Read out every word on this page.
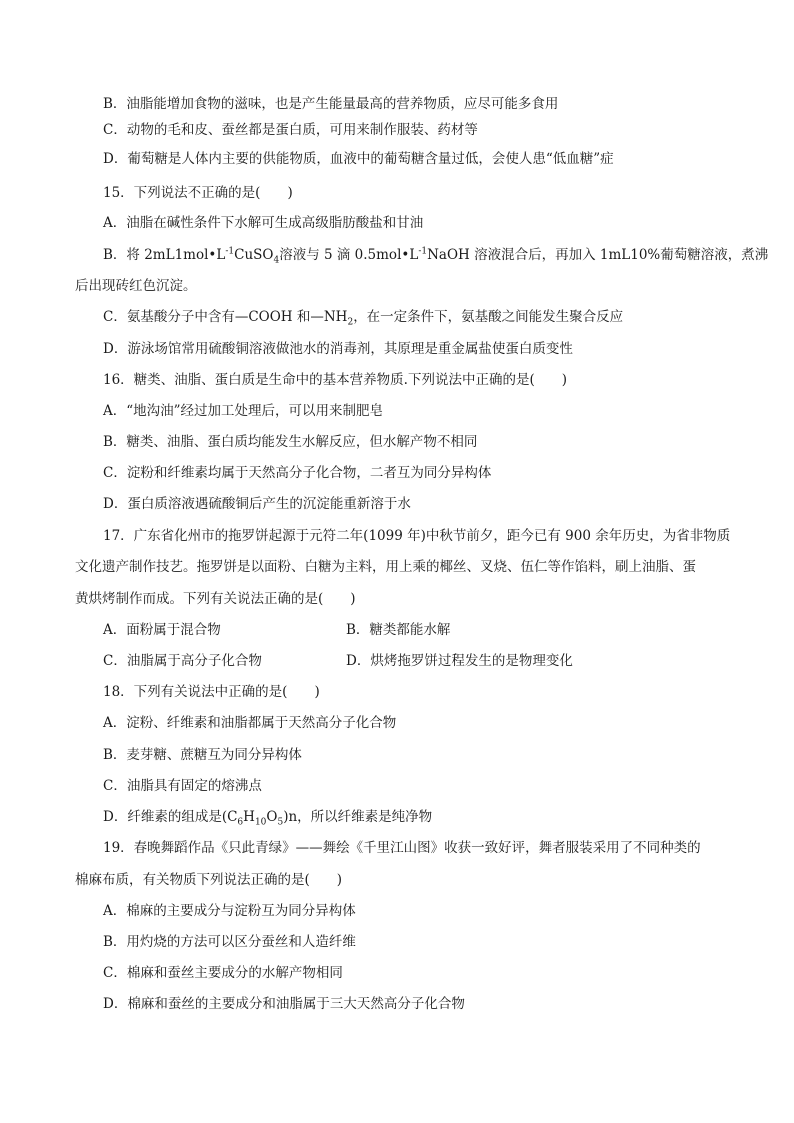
B．油脂能增加食物的滋味，也是产生能量最高的营养物质，应尽可能多食用
C．动物的毛和皮、蚕丝都是蛋白质，可用来制作服装、药材等
D．葡萄糖是人体内主要的供能物质，血液中的葡萄糖含量过低，会使人患“低血糖”症
15．下列说法不正确的是(　　)
A．油脂在碱性条件下水解可生成高级脂肪酸盐和甘油
B．将 $2mL1mol•L^{-1}CuSO_4$溶液与 5 滴 $0.5mol•L^{-1}NaOH$ 溶液混合后，再加入 1mL10%葡萄糖溶液，煮沸
后出现砖红色沉淀。
C．氨基酸分子中含有—COOH 和$—NH_2$，在一定条件下，氨基酸之间能发生聚合反应
D．游泳场馆常用硫酸铜溶液做池水的消毒剂，其原理是重金属盐使蛋白质变性
16．糖类、油脂、蛋白质是生命中的基本营养物质.下列说法中正确的是(　　)
A．“地沟油”经过加工处理后，可以用来制肥皂
B．糖类、油脂、蛋白质均能发生水解反应，但水解产物不相同
C．淀粉和纤维素均属于天然高分子化合物，二者互为同分异构体
D．蛋白质溶液遇硫酸铜后产生的沉淀能重新溶于水
17．广东省化州市的拖罗饼起源于元符二年(1099 年)中秋节前夕，距今已有 900 余年历史，为省非物质
文化遗产制作技艺。拖罗饼是以面粉、白糖为主料，用上乘的椰丝、叉烧、伍仁等作馅料，刷上油脂、蛋
黄烘烤制作而成。下列有关说法正确的是(　　)
A．面粉属于混合物	B．糖类都能水解
C．油脂属于高分子化合物	D．烘烤拖罗饼过程发生的是物理变化
18．下列有关说法中正确的是(　　)
A．淀粉、纤维素和油脂都属于天然高分子化合物
B．麦芽糖、蔗糖互为同分异构体
C．油脂具有固定的熔沸点
D．纤维素的组成是$(C_6H_{10}O_5)n$，所以纤维素是纯净物
19．春晚舞蹈作品《只此青绿》——舞绘《千里江山图》收获一致好评，舞者服装采用了不同种类的
棉麻布质，有关物质下列说法正确的是(　　)
A．棉麻的主要成分与淀粉互为同分异构体
B．用灼烧的方法可以区分蚕丝和人造纤维
C．棉麻和蚕丝主要成分的水解产物相同
D．棉麻和蚕丝的主要成分和油脂属于三大天然高分子化合物
